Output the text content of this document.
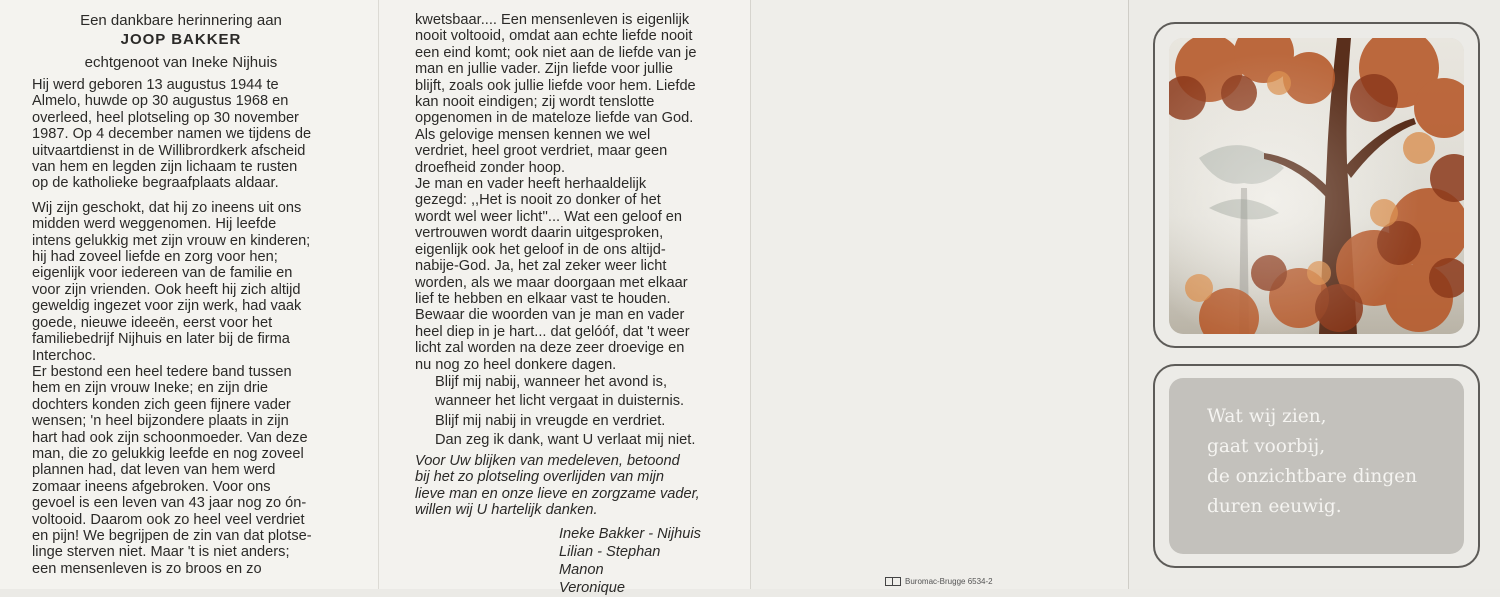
Een dankbare herinnering aan
JOOP BAKKER
echtgenoot van Ineke Nijhuis
Hij werd geboren 13 augustus 1944 te
Almelo, huwde op 30 augustus 1968 en
overleed, heel plotseling op 30 november
1987. Op 4 december namen we tijdens de
uitvaartdienst in de Willibrordkerk afscheid
van hem en legden zijn lichaam te rusten
op de katholieke begraafplaats aldaar.
Wij zijn geschokt, dat hij zo ineens uit ons
midden werd weggenomen. Hij leefde
intens gelukkig met zijn vrouw en kinderen;
hij had zoveel liefde en zorg voor hen;
eigenlijk voor iedereen van de familie en
voor zijn vrienden. Ook heeft hij zich altijd
geweldig ingezet voor zijn werk, had vaak
goede, nieuwe ideeën, eerst voor het
familiebedrijf Nijhuis en later bij de firma
Interchoc.
Er bestond een heel tedere band tussen
hem en zijn vrouw Ineke; en zijn drie
dochters konden zich geen fijnere vader
wensen; 'n heel bijzondere plaats in zijn
hart had ook zijn schoonmoeder. Van deze
man, die zo gelukkig leefde en nog zoveel
plannen had, dat leven van hem werd
zomaar ineens afgebroken. Voor ons
gevoel is een leven van 43 jaar nog zo ón-
voltooid. Daarom ook zo heel veel verdriet
en pijn! We begrijpen de zin van dat plotse-
linge sterven niet. Maar 't is niet anders;
een mensenleven is zo broos en zo
kwetsbaar.... Een mensenleven is eigenlijk
nooit voltooid, omdat aan echte liefde nooit
een eind komt; ook niet aan de liefde van je
man en jullie vader. Zijn liefde voor jullie
blijft, zoals ook jullie liefde voor hem. Liefde
kan nooit eindigen; zij wordt tenslotte
opgenomen in de mateloze liefde van God.
Als gelovige mensen kennen we wel
verdriet, heel groot verdriet, maar geen
droefheid zonder hoop.
Je man en vader heeft herhaaldelijk
gezegd: ,,Het is nooit zo donker of het
wordt wel weer licht''... Wat een geloof en
vertrouwen wordt daarin uitgesproken,
eigenlijk ook het geloof in de ons altijd-
nabije-God. Ja, het zal zeker weer licht
worden, als we maar doorgaan met elkaar
lief te hebben en elkaar vast te houden.
Bewaar die woorden van je man en vader
heel diep in je hart... dat gelóóf, dat 't weer
licht zal worden na deze zeer droevige en
nu nog zo heel donkere dagen.
Blijf mij nabij, wanneer het avond is,
wanneer het licht vergaat in duisternis.
Blijf mij nabij in vreugde en verdriet.
Dan zeg ik dank, want U verlaat mij niet.
Voor Uw blijken van medeleven, betoond
bij het zo plotseling overlijden van mijn
lieve man en onze lieve en zorgzame vader,
willen wij U hartelijk danken.
Ineke Bakker - Nijhuis
Lilian - Stephan
Manon
Veronique	Buromac-Brugge 6534-2
Wat wij zien,
gaat voorbij,
de onzichtbare dingen
duren eeuwig.
